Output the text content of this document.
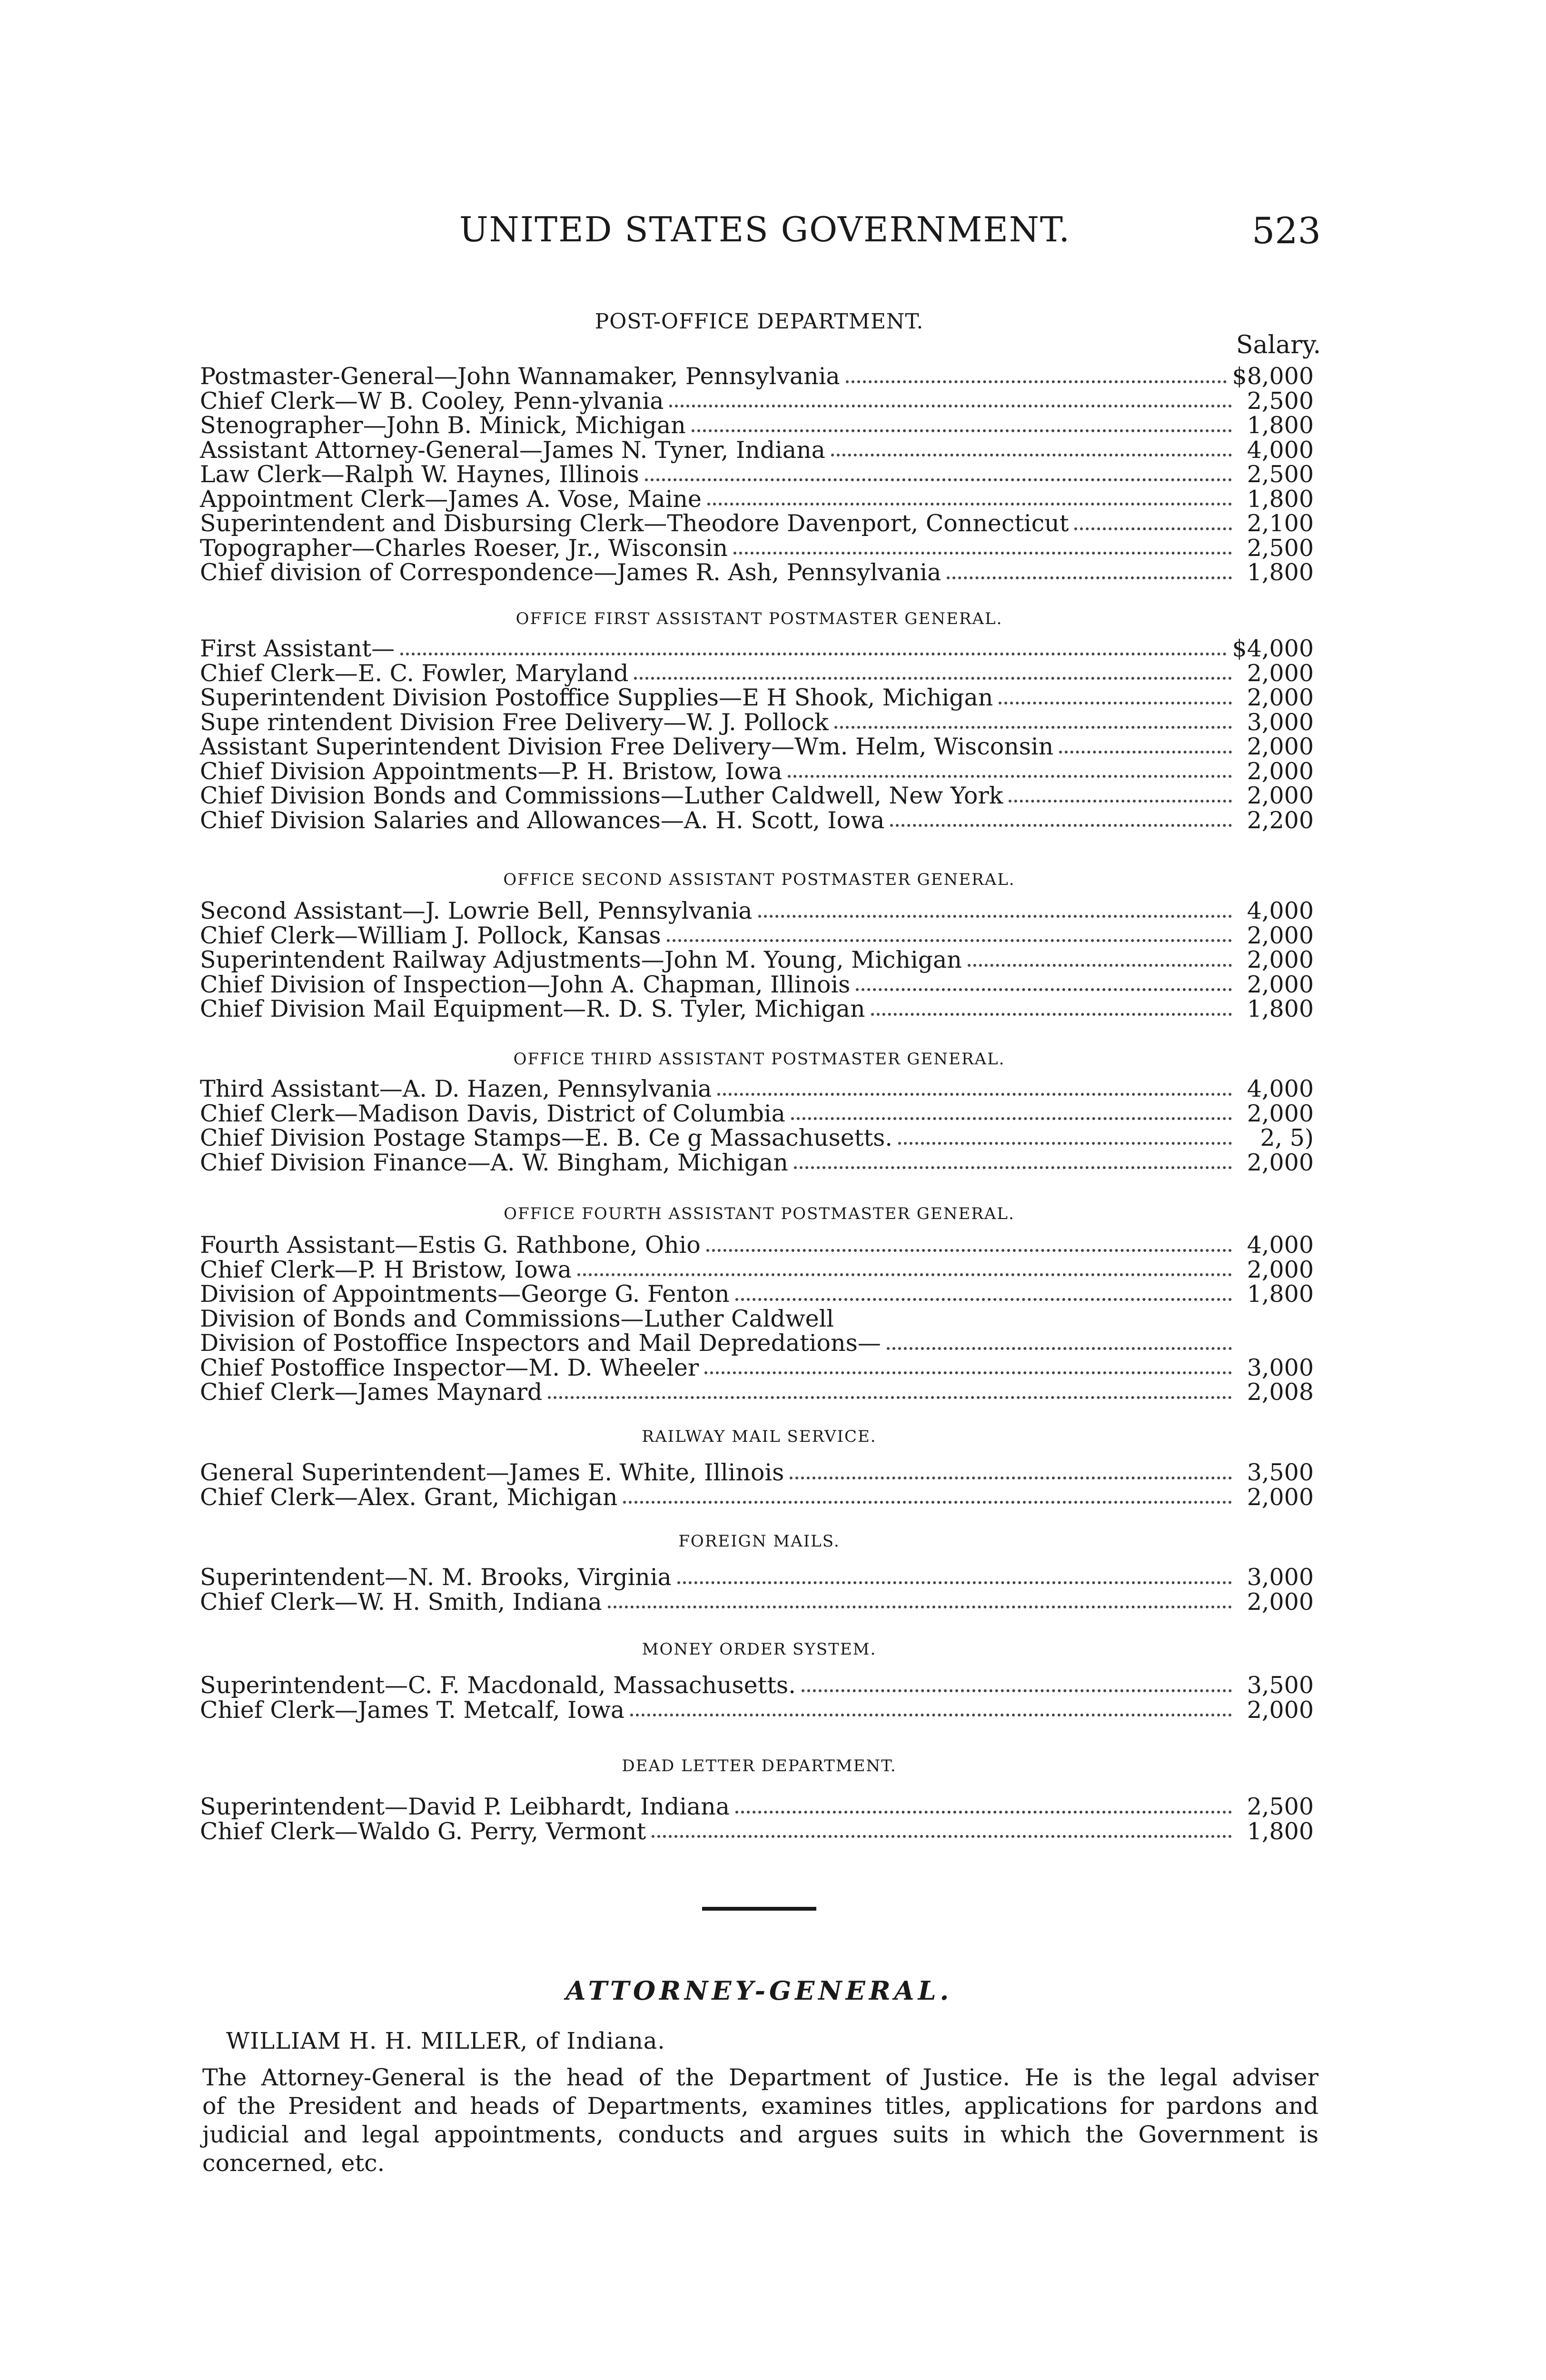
UNITED STATES GOVERNMENT.	523
POST-OFFICE DEPARTMENT.
Salary.
Postmaster-General—John Wannamaker, Pennsylvania	$8,000
Chief Clerk—W B. Cooley, Penn-ylvania	2,500
Stenographer—John B. Minick, Michigan	1,800
Assistant Attorney-General—James N. Tyner, Indiana	4,000
Law Clerk—Ralph W. Haynes, Illinois	2,500
Appointment Clerk—James A. Vose, Maine	1,800
Superintendent and Disbursing Clerk—Theodore Davenport, Connecticut	2,100
Topographer—Charles Roeser, Jr., Wisconsin	2,500
Chief division of Correspondence—James R. Ash, Pennsylvania	1,800
OFFICE FIRST ASSISTANT POSTMASTER GENERAL.
First Assistant—	$4,000
Chief Clerk—E. C. Fowler, Maryland	2,000
Superintendent Division Postoffice Supplies—E H Shook, Michigan	2,000
Supe rintendent Division Free Delivery—W. J. Pollock	3,000
Assistant Superintendent Division Free Delivery—Wm. Helm, Wisconsin	2,000
Chief Division Appointments—P. H. Bristow, Iowa	2,000
Chief Division Bonds and Commissions—Luther Caldwell, New York	2,000
Chief Division Salaries and Allowances—A. H. Scott, Iowa	2,200
OFFICE SECOND ASSISTANT POSTMASTER GENERAL.
Second Assistant—J. Lowrie Bell, Pennsylvania	4,000
Chief Clerk—William J. Pollock, Kansas	2,000
Superintendent Railway Adjustments—John M. Young, Michigan	2,000
Chief Division of Inspection—John A. Chapman, Illinois	2,000
Chief Division Mail Equipment—R. D. S. Tyler, Michigan	1,800
OFFICE THIRD ASSISTANT POSTMASTER GENERAL.
Third Assistant—A. D. Hazen, Pennsylvania	4,000
Chief Clerk—Madison Davis, District of Columbia	2,000
Chief Division Postage Stamps—E. B. Ce g Massachusetts.	2, 5)
Chief Division Finance—A. W. Bingham, Michigan	2,000
OFFICE FOURTH ASSISTANT POSTMASTER GENERAL.
Fourth Assistant—Estis G. Rathbone, Ohio	4,000
Chief Clerk—P. H Bristow, Iowa	2,000
Division of Appointments—George G. Fenton	1,800
Division of Bonds and Commissions—Luther Caldwell
Division of Postoffice Inspectors and Mail Depredations—
Chief Postoffice Inspector—M. D. Wheeler	3,000
Chief Clerk—James Maynard	2,008
RAILWAY MAIL SERVICE.
General Superintendent—James E. White, Illinois	3,500
Chief Clerk—Alex. Grant, Michigan	2,000
FOREIGN MAILS.
Superintendent—N. M. Brooks, Virginia	3,000
Chief Clerk—W. H. Smith, Indiana	2,000
MONEY ORDER SYSTEM.
Superintendent—C. F. Macdonald, Massachusetts.	3,500
Chief Clerk—James T. Metcalf, Iowa	2,000
DEAD LETTER DEPARTMENT.
Superintendent—David P. Leibhardt, Indiana	2,500
Chief Clerk—Waldo G. Perry, Vermont	1,800
ATTORNEY-GENERAL.
WILLIAM H. H. MILLER, of Indiana.
The Attorney-General is the head of the Department of Justice. He is the legal adviser
of the President and heads of Departments, examines titles, applications for pardons and
judicial and legal appointments, conducts and argues suits in which the Government is
concerned, etc.
